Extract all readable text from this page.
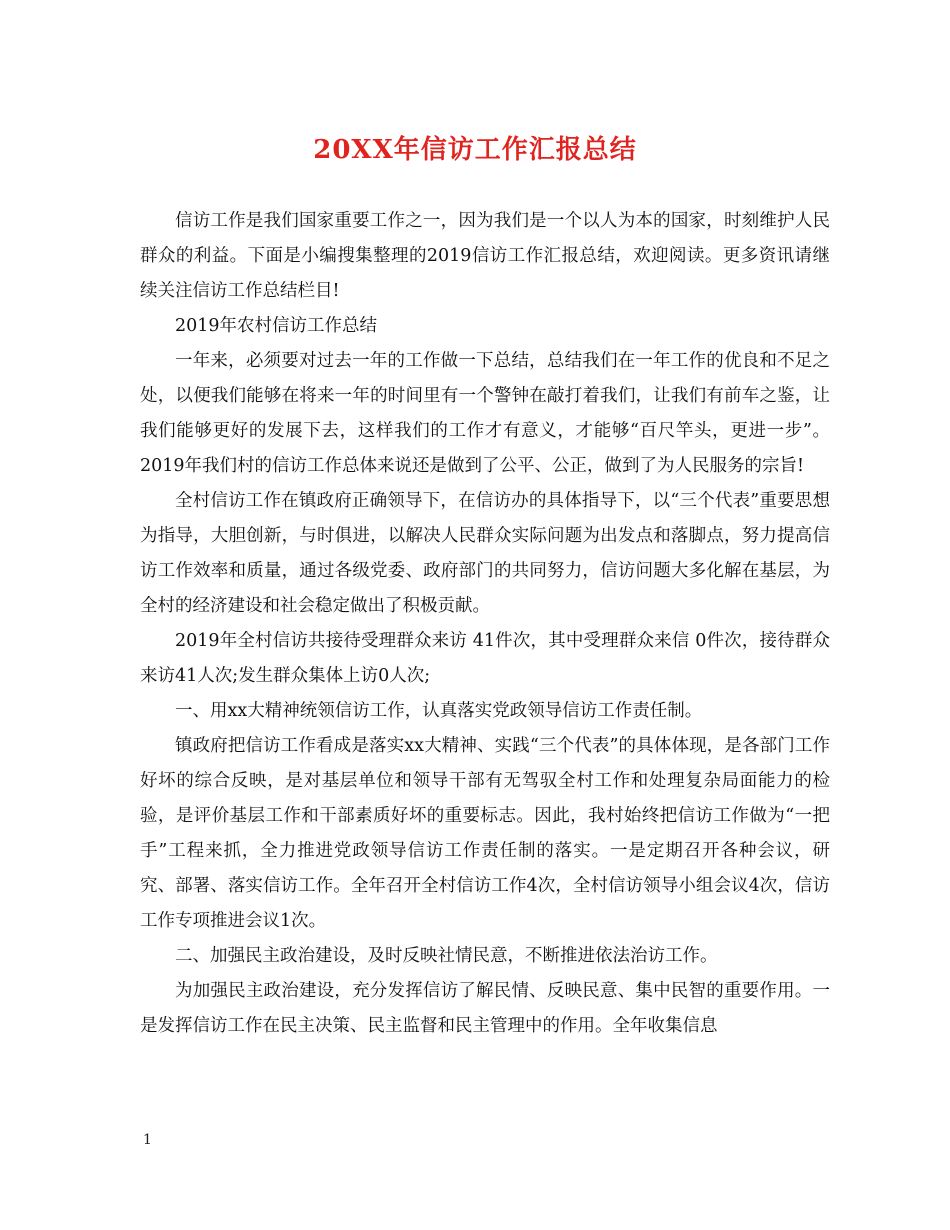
20XX年信访工作汇报总结

信访工作是我们国家重要工作之一，因为我们是一个以人为本的国家，时刻维护人民群众的利益。下面是小编搜集整理的2019信访工作汇报总结，欢迎阅读。更多资讯请继续关注信访工作总结栏目!

2019年农村信访工作总结

一年来，必须要对过去一年的工作做一下总结，总结我们在一年工作的优良和不足之处，以便我们能够在将来一年的时间里有一个警钟在敲打着我们，让我们有前车之鉴，让我们能够更好的发展下去，这样我们的工作才有意义，才能够“百尺竿头，更进一步”。2019年我们村的信访工作总体来说还是做到了公平、公正，做到了为人民服务的宗旨!

全村信访工作在镇政府正确领导下，在信访办的具体指导下，以“三个代表”重要思想为指导，大胆创新，与时俱进，以解决人民群众实际问题为出发点和落脚点，努力提高信访工作效率和质量，通过各级党委、政府部门的共同努力，信访问题大多化解在基层，为全村的经济建设和社会稳定做出了积极贡献。

2019年全村信访共接待受理群众来访 41件次，其中受理群众来信 0件次，接待群众来访41人次;发生群众集体上访0人次;

一、用xx大精神统领信访工作，认真落实党政领导信访工作责任制。

镇政府把信访工作看成是落实xx大精神、实践“三个代表”的具体体现，是各部门工作好坏的综合反映，是对基层单位和领导干部有无驾驭全村工作和处理复杂局面能力的检验，是评价基层工作和干部素质好坏的重要标志。因此，我村始终把信访工作做为“一把手”工程来抓，全力推进党政领导信访工作责任制的落实。一是定期召开各种会议，研究、部署、落实信访工作。全年召开全村信访工作4次，全村信访领导小组会议4次，信访工作专项推进会议1次。

二、加强民主政治建设，及时反映社情民意，不断推进依法治访工作。

为加强民主政治建设，充分发挥信访了解民情、反映民意、集中民智的重要作用。一是发挥信访工作在民主决策、民主监督和民主管理中的作用。全年收集信息

1
